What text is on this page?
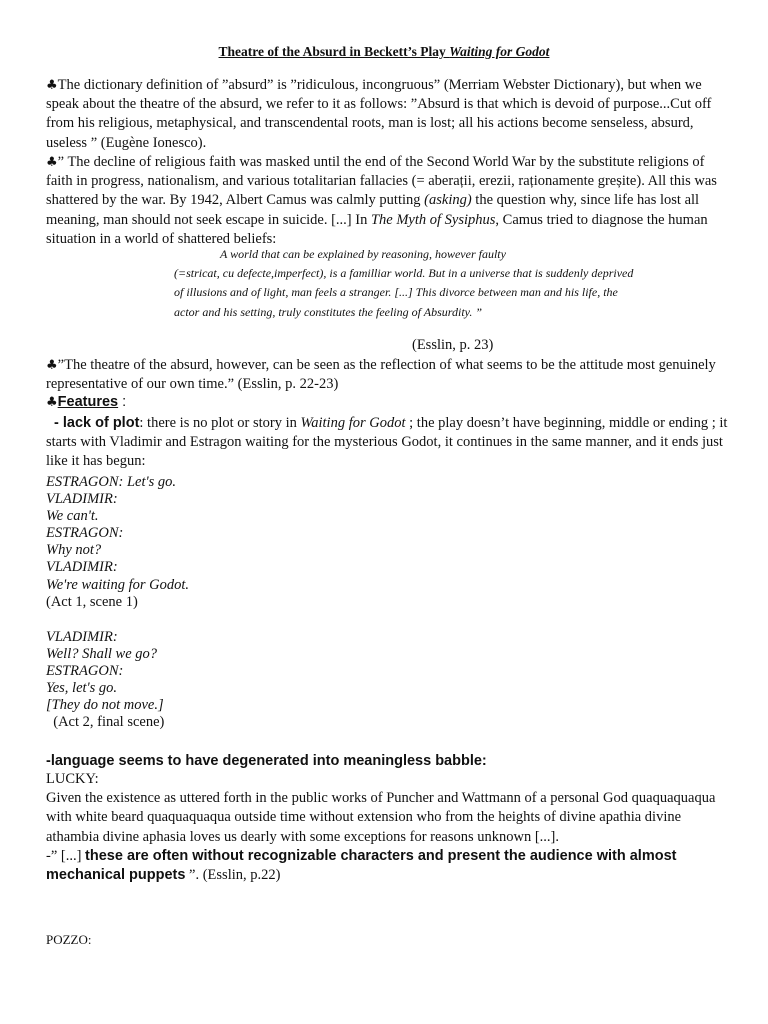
Theatre of the Absurd in Beckett’s Play Waiting for Godot
♣The dictionary definition of ”absurd” is ”ridiculous, incongruous” (Merriam Webster Dictionary), but when we speak about the theatre of the absurd, we refer to it as follows: ”Absurd is that which is devoid of purpose...Cut off from his religious, metaphysical, and transcendental roots, man is lost; all his actions become senseless, absurd, useless ” (Eugène Ionesco).
♣” The decline of religious faith was masked until the end of the Second World War by the substitute religions of faith in progress, nationalism, and various totalitarian fallacies (= aberații, erezii, raționamente greșite). All this was shattered by the war. By 1942, Albert Camus was calmly putting (asking) the question why, since life has lost all meaning, man should not seek escape in suicide. [...] In The Myth of Sysiphus, Camus tried to diagnose the human situation in a world of shattered beliefs:
A world that can be explained by reasoning, however faulty
(=stricat, cu defecte,imperfect), is a familliar world. But in a universe that is suddenly deprived of illusions and of light, man feels a stranger. [...] This divorce between man and his life, the actor and his setting, truly constitutes the feeling of Absurdity. ”
(Esslin, p. 23)
♣”The theatre of the absurd, however, can be seen as the reflection of what seems to be the attitude most genuinely representative of our own time.” (Esslin, p. 22-23)
♣Features :
- lack of plot: there is no plot or story in Waiting for Godot ; the play doesn’t have beginning, middle or ending ; it starts with Vladimir and Estragon waiting for the mysterious Godot, it continues in the same manner, and it ends just like it has begun:
ESTRAGON: Let's go.
VLADIMIR:
We can't.
ESTRAGON:
Why not?
VLADIMIR:
We're waiting for Godot.
(Act 1, scene 1)
VLADIMIR:
Well? Shall we go?
ESTRAGON:
Yes, let's go.
[They do not move.]
(Act 2, final scene)
-language seems to have degenerated into meaningless babble:
LUCKY:
Given the existence as uttered forth in the public works of Puncher and Wattmann of a personal God quaquaquaqua with white beard quaquaquaqua outside time without extension who from the heights of divine apathia divine athambia divine aphasia loves us dearly with some exceptions for reasons unknown [...].
-” [...] these are often without recognizable characters and present the audience with almost mechanical puppets ”. (Esslin, p.22)
POZZO:
